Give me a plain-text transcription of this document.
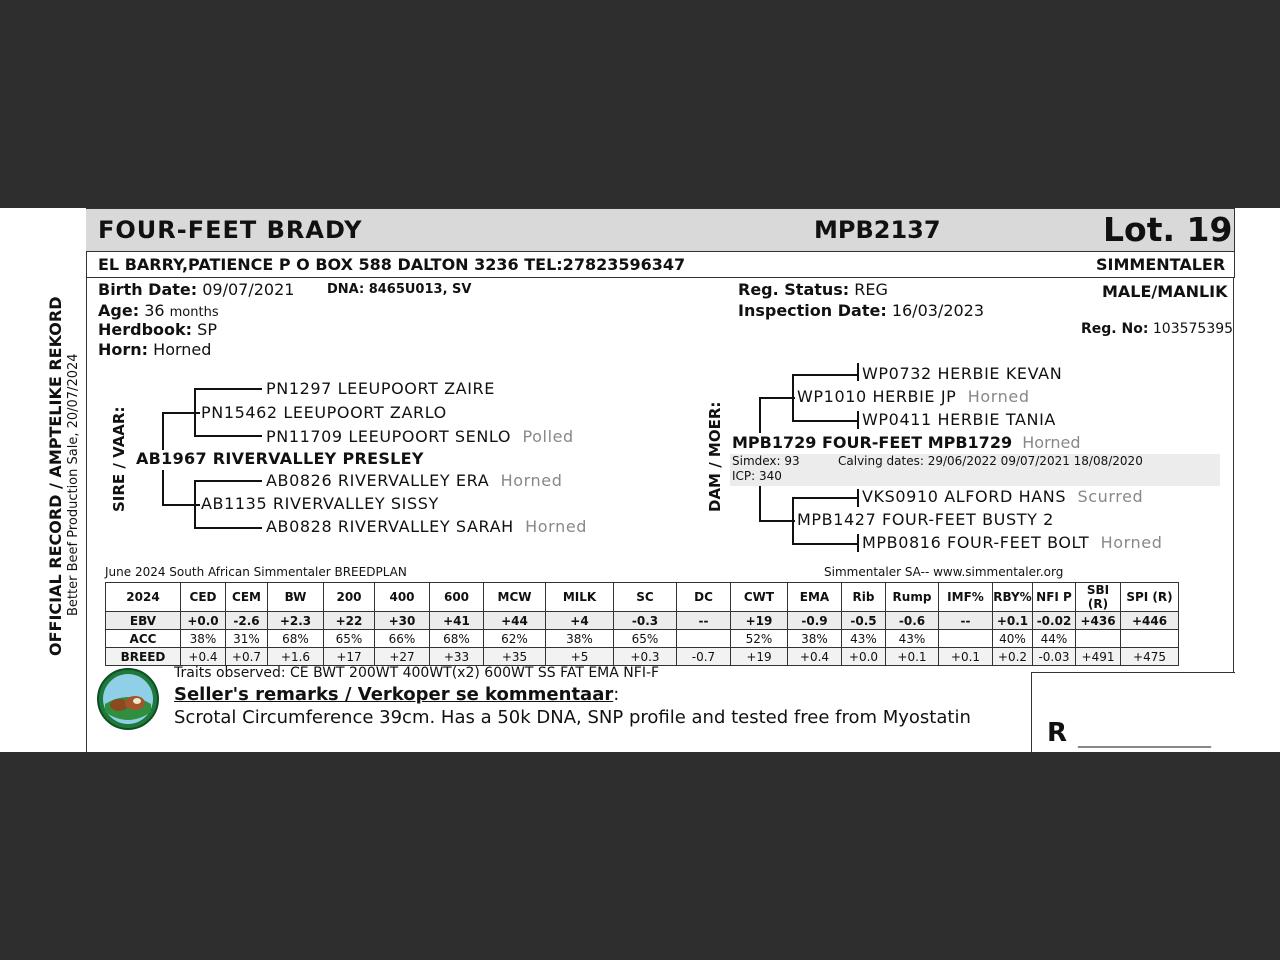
OFFICIAL RECORD / AMPTELIKE REKORD Better Beef Production Sale, 20/07/2024
FOUR-FEET BRADY	MPB2137	Lot. 19
EL BARRY,PATIENCE P O BOX 588 DALTON 3236 TEL:27823596347	SIMMENTALER
Birth Date: 09/07/2021	DNA: 8465U013, SV
Age: 36 months
Herdbook: SP
Horn: Horned
Reg. Status: REG
Inspection Date: 16/03/2023
MALE/MANLIK
Reg. No: 103575395
SIRE / VAAR:
PN1297 LEEUPOORT ZAIRE
PN15462 LEEUPOORT ZARLO
PN11709 LEEUPOORT SENLO Polled
AB1967 RIVERVALLEY PRESLEY
AB0826 RIVERVALLEY ERA Horned
AB1135 RIVERVALLEY SISSY
AB0828 RIVERVALLEY SARAH Horned
DAM / MOER:
WP0732 HERBIE KEVAN
WP1010 HERBIE JP Horned
WP0411 HERBIE TANIA
MPB1729 FOUR-FEET MPB1729 Horned
Simdex: 93	Calving dates: 29/06/2022 09/07/2021 18/08/2020
ICP: 340
VKS0910 ALFORD HANS Scurred
MPB1427 FOUR-FEET BUSTY 2
MPB0816 FOUR-FEET BOLT Horned
June 2024 South African Simmentaler BREEDPLAN	Simmentaler SA-- www.simmentaler.org
2024	CED	CEM	BW	200	400	600	MCW	MILK	SC	DC	CWT	EMA	Rib	Rump	IMF%	RBY%	NFI P	SBI (R)	SPI (R)
EBV	+0.0	-2.6	+2.3	+22	+30	+41	+44	+4	-0.3	--	+19	-0.9	-0.5	-0.6	--	+0.1	-0.02	+436	+446
ACC	38%	31%	68%	65%	66%	68%	62%	38%	65%		52%	38%	43%	43%		40%	44%		
BREED	+0.4	+0.7	+1.6	+17	+27	+33	+35	+5	+0.3	-0.7	+19	+0.4	+0.0	+0.1	+0.1	+0.2	-0.03	+491	+475
Traits observed: CE BWT 200WT 400WT(x2) 600WT SS FAT EMA NFI-F
Seller's remarks / Verkoper se kommentaar:
Scrotal Circumference 39cm. Has a 50k DNA, SNP profile and tested free from Myostatin
R ___________________
